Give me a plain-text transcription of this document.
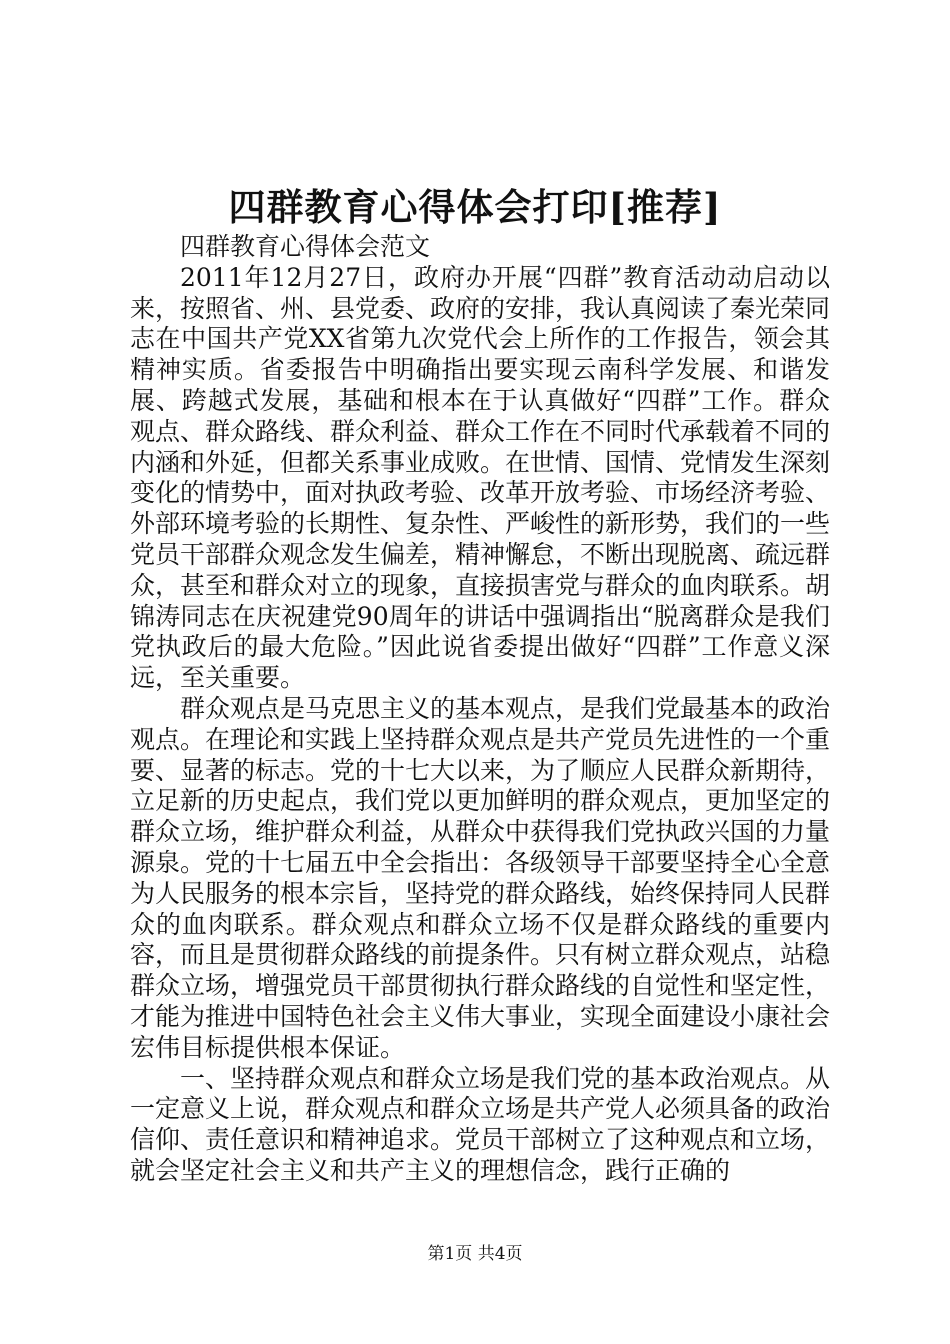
四群教育心得体会打印[推荐]

四群教育心得体会范文

2011年12月27日，政府办开展“四群”教育活动动启动以来，按照省、州、县党委、政府的安排，我认真阅读了秦光荣同志在中国共产党XX省第九次党代会上所作的工作报告，领会其精神实质。省委报告中明确指出要实现云南科学发展、和谐发展、跨越式发展，基础和根本在于认真做好“四群”工作。群众观点、群众路线、群众利益、群众工作在不同时代承载着不同的内涵和外延，但都关系事业成败。在世情、国情、党情发生深刻变化的情势中，面对执政考验、改革开放考验、市场经济考验、外部环境考验的长期性、复杂性、严峻性的新形势，我们的一些党员干部群众观念发生偏差，精神懈怠，不断出现脱离、疏远群众，甚至和群众对立的现象，直接损害党与群众的血肉联系。胡锦涛同志在庆祝建党90周年的讲话中强调指出“脱离群众是我们党执政后的最大危险。”因此说省委提出做好“四群”工作意义深远，至关重要。

群众观点是马克思主义的基本观点，是我们党最基本的政治观点。在理论和实践上坚持群众观点是共产党员先进性的一个重要、显著的标志。党的十七大以来，为了顺应人民群众新期待，立足新的历史起点，我们党以更加鲜明的群众观点，更加坚定的群众立场，维护群众利益，从群众中获得我们党执政兴国的力量源泉。党的十七届五中全会指出：各级领导干部要坚持全心全意为人民服务的根本宗旨，坚持党的群众路线，始终保持同人民群众的血肉联系。群众观点和群众立场不仅是群众路线的重要内容，而且是贯彻群众路线的前提条件。只有树立群众观点，站稳群众立场，增强党员干部贯彻执行群众路线的自觉性和坚定性，才能为推进中国特色社会主义伟大事业，实现全面建设小康社会宏伟目标提供根本保证。

一、坚持群众观点和群众立场是我们党的基本政治观点。从一定意义上说，群众观点和群众立场是共产党人必须具备的政治信仰、责任意识和精神追求。党员干部树立了这种观点和立场，就会坚定社会主义和共产主义的理想信念，践行正确的

第1页 共4页
